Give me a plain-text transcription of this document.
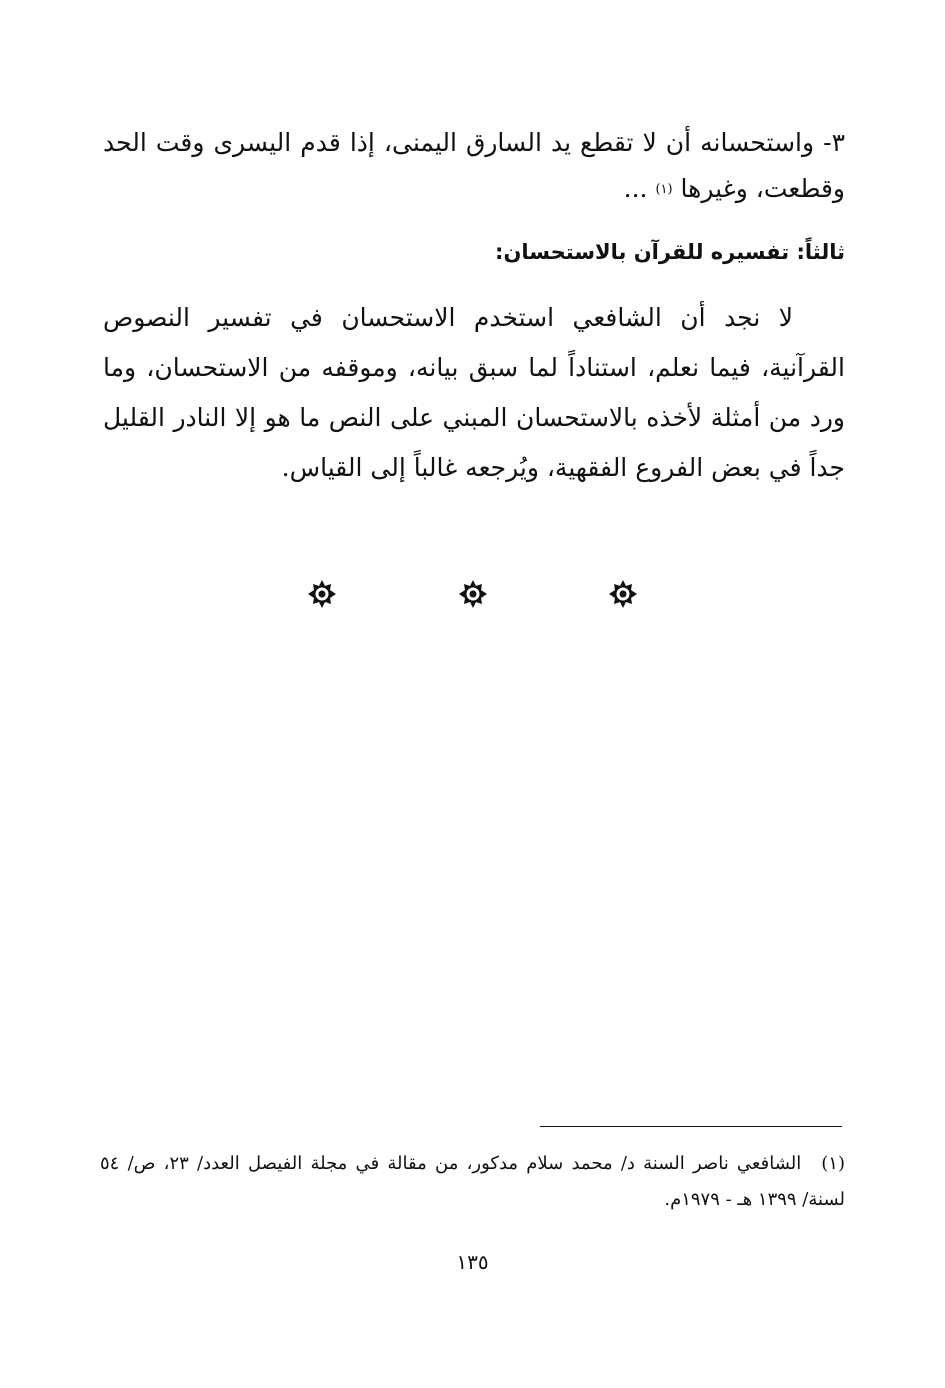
٣- واستحسانه أن لا تقطع يد السارق اليمنى، إذا قدم اليسرى وقت الحد وقطعت، وغيرها $^{(١)}$ ...
ثالثاً: تفسيره للقرآن بالاستحسان:
لا نجد أن الشافعي استخدم الاستحسان في تفسير النصوص القرآنية، فيما نعلم، استناداً لما سبق بيانه، وموقفه من الاستحسان، وما ورد من أمثلة لأخذه بالاستحسان المبني على النص ما هو إلا النادر القليل جداً في بعض الفروع الفقهية، ويُرجعه غالباً إلى القياس.
(١)الشافعي ناصر السنة د/ محمد سلام مدكور، من مقالة في مجلة الفيصل العدد/ ٢٣، ص/ ٥٤ لسنة/ ١٣٩٩ هـ - ١٩٧٩م.
١٣٥
